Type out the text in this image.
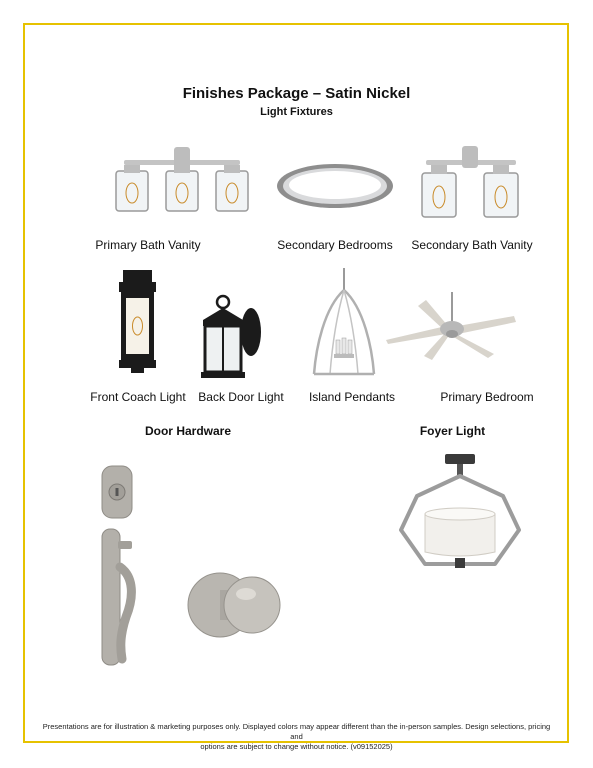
Finishes Package – Satin Nickel
Light Fixtures
Primary Bath Vanity	Secondary Bedrooms	Secondary Bath Vanity
Front Coach Light	Back Door Light	Island Pendants	Primary Bedroom
Door Hardware	Foyer Light
Presentations are for illustration & marketing purposes only. Displayed colors may appear different than the in-person samples. Design selections, pricing and
options are subject to change without notice. (v09152025)
